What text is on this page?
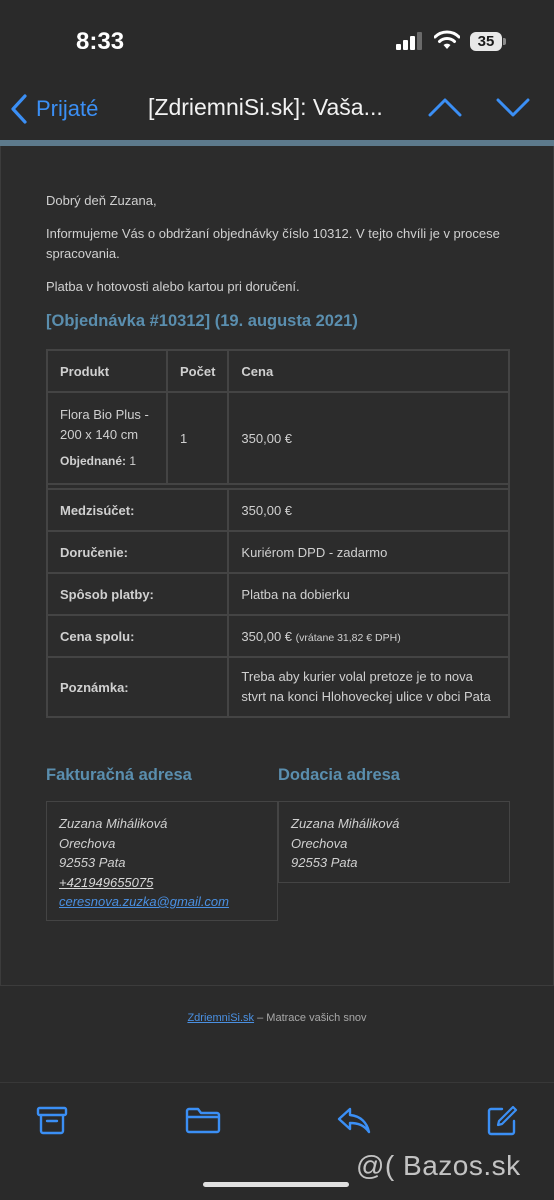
8:33	35
Prijaté [ZdriemniSi.sk]: Vaša...

Dobrý deň Zuzana,

Informujeme Vás o obdržaní objednávky číslo 10312. V tejto chvíli je v procese spracovania.

Platba v hotovosti alebo kartou pri doručení.

[Objednávka #10312] (19. augusta 2021)
Produkt	Počet	Cena

Flora Bio Plus - 200 x 140 cm
Objednané: 1	1	350,00 €

Medzisúčet:		350,00 €
Doručenie:		Kuriérom DPD - zadarmo
Spôsob platby:		Platba na dobierku
Cena spolu:		350,00 € (vrátane 31,82 € DPH)
Poznámka:		Treba aby kurier volal pretoze je to nova stvrt na konci Hlohoveckej ulice v obci Pata
Fakturačná adresa	Dodacia adresa
Zuzana Miháliková
Orechova
92553 Pata
+421949655075
ceresnova.zuzka@gmail.com
Zuzana Miháliková
Orechova
92553 Pata
ZdriemniSi.sk – Matrace vašich snov
@( Bazos.sk
